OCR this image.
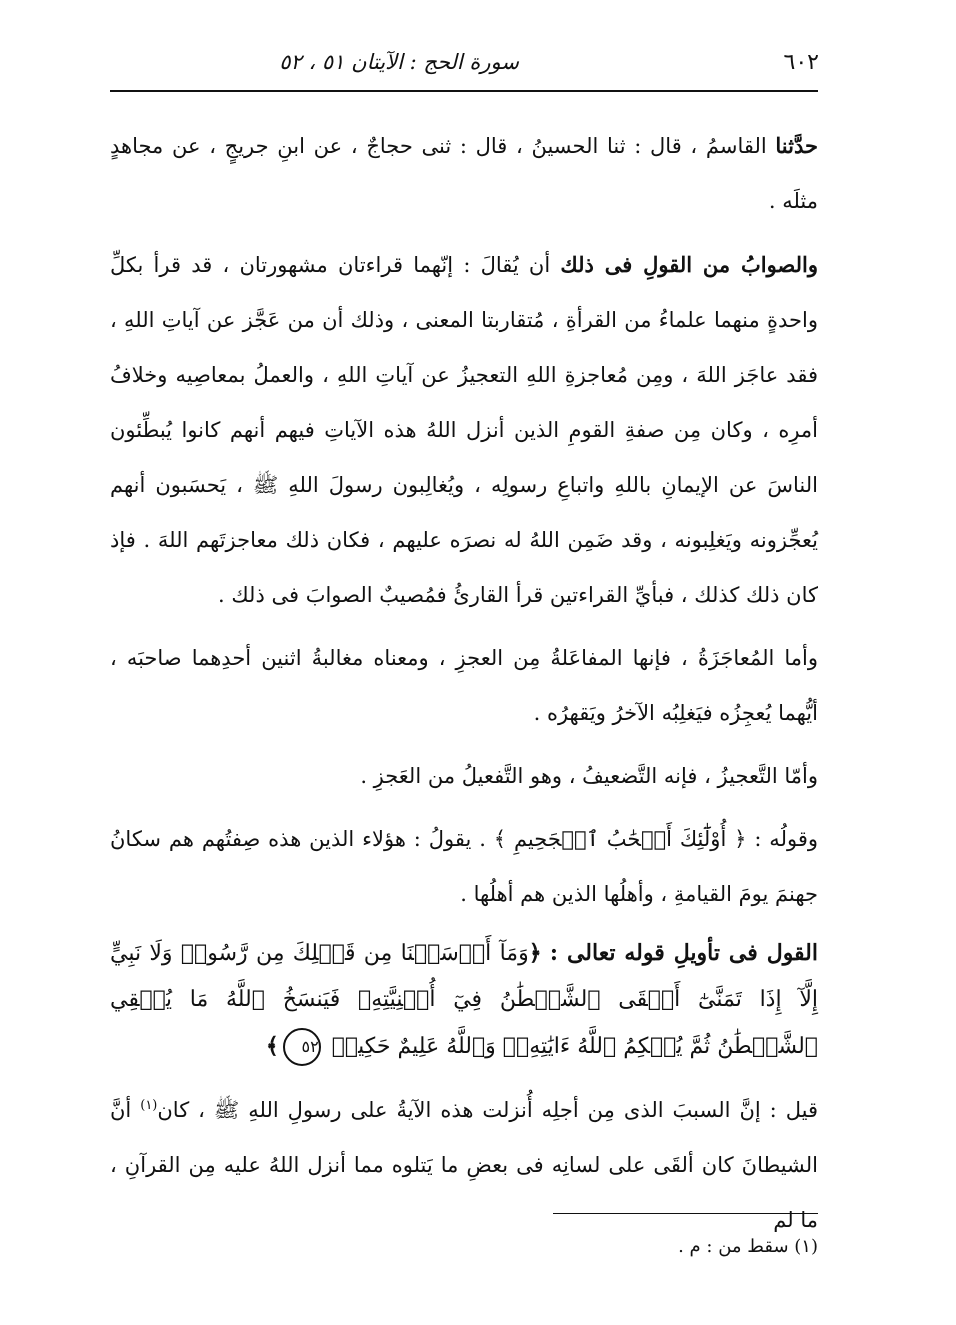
٦٠٢
سورة الحج : الآيتان ٥١ ، ٥٢

حدَّثنا القاسمُ ، قال : ثنا الحسينُ ، قال : ثنى حجاجٌ ، عن ابنِ جريجٍ ، عن مجاهدٍ مثلَه .

والصوابُ من القولِ فى ذلك أن يُقالَ : إنّهما قراءتان مشهورتان ، قد قرأ بكلِّ واحدةٍ منهما علماءُ من القرأةِ ، مُتقاربتا المعنى ، وذلك أن من عَجَّز عن آياتِ اللهِ ، فقد عاجَز اللهَ ، ومِن مُعاجزةِ اللهِ التعجيزُ عن آياتِ اللهِ ، والعملُ بمعاصِيه وخلافُ أمرِه ، وكان مِن صفةِ القومِ الذين أنزل اللهُ هذه الآياتِ فيهم أنهم كانوا يُبطِّئون الناسَ عن الإيمانِ باللهِ واتباعِ رسولِه ، ويُغالِبون رسولَ اللهِ ﷺ ، يَحسَبون أنهم يُعجِّزونه ويَغلِبونه ، وقد ضَمِن اللهُ له نصرَه عليهم ، فكان ذلك معاجزتَهم اللهَ . فإذ كان ذلك كذلك ، فبأيِّ القراءتين قرأ القارئُ فمُصيبٌ الصوابَ فى ذلك .

وأما المُعاجَزَةُ ، فإنها المفاعَلةُ مِن العجزِ ، ومعناه مغالبةُ اثنين أحدِهما صاحبَه ، أيُّهما يُعجِزُه فيَغلِبُه الآخرُ ويَقهرُه .

وأمّا التَّعجيزُ ، فإنه التَّضعيفُ ، وهو التَّفعيلُ من العَجزِ .

وقولُه : ﴿ أُوْلَٰٓئِكَ أَصۡحَٰبُ ٱلۡجَحِيمِ ﴾ . يقولُ : هؤلاء الذين هذه صِفتُهم هم سكانُ جهنمَ يومَ القيامةِ ، وأهلُها الذين هم أهلُها .

القول فى تأويلِ قوله تعالى : ﴿وَمَآ أَرۡسَلۡنَا مِن قَبۡلِكَ مِن رَّسُولٖ وَلَا نَبِيٍّ إِلَّآ إِذَا تَمَنَّىٰٓ أَلۡقَى ٱلشَّيۡطَٰنُ فِيٓ أُمۡنِيَّتِهِۦ فَيَنسَخُ ٱللَّهُ مَا يُلۡقِي ٱلشَّيۡطَٰنُ ثُمَّ يُحۡكِمُ ٱللَّهُ ءَايَٰتِهِۦۗ وَٱللَّهُ عَلِيمٌ حَكِيمٞ ٥٢﴾

قيل : إنَّ السببَ الذى مِن أجلِه أُنزلت هذه الآيةُ على رسولِ اللهِ ﷺ ، كان$^{(١)}$ أنَّ الشيطانَ كان ألقَى على لسانِه فى بعضِ ما يَتلوه مما أنزل اللهُ عليه مِن القرآنِ ، ما لم

(١) سقط من : م .
